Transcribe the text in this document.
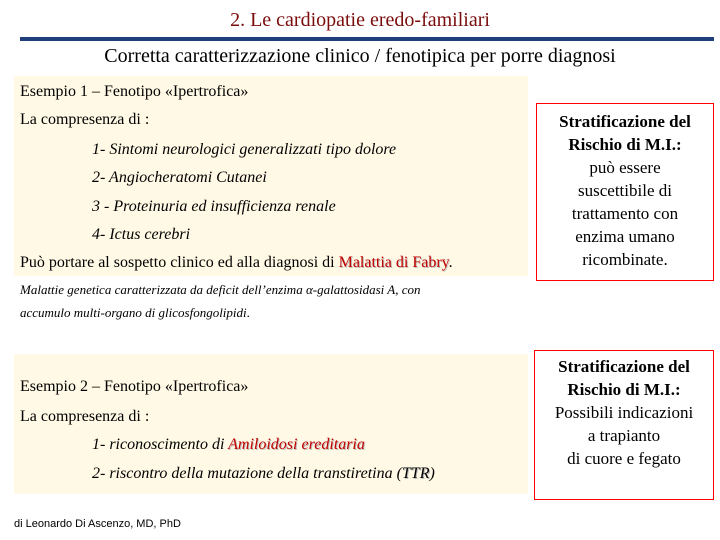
2. Le cardiopatie eredo-familiari
Corretta caratterizzazione clinico / fenotipica per porre diagnosi
Esempio 1 – Fenotipo «Ipertrofica»
La compresenza di :
1- Sintomi neurologici generalizzati tipo dolore
2- Angiocheratomi Cutanei
3 - Proteinuria ed insufficienza renale
4- Ictus cerebri
Può portare al sospetto clinico ed alla diagnosi di Malattia di Fabry.
Malattie genetica caratterizzata da deficit dell’enzima α-galattosidasi A, con
accumulo multi-organo di glicosfongolipidi.
Stratificazione del
Rischio di M.I.:
può essere
suscettibile di
trattamento con
enzima umano
ricombinate.
Esempio 2 – Fenotipo «Ipertrofica»
La compresenza di :
1- riconoscimento di Amiloidosi ereditaria
2- riscontro della mutazione della transtiretina (TTR)
Stratificazione del
Rischio di M.I.:
Possibili indicazioni
a trapianto
di cuore e fegato
di Leonardo Di Ascenzo, MD, PhD
